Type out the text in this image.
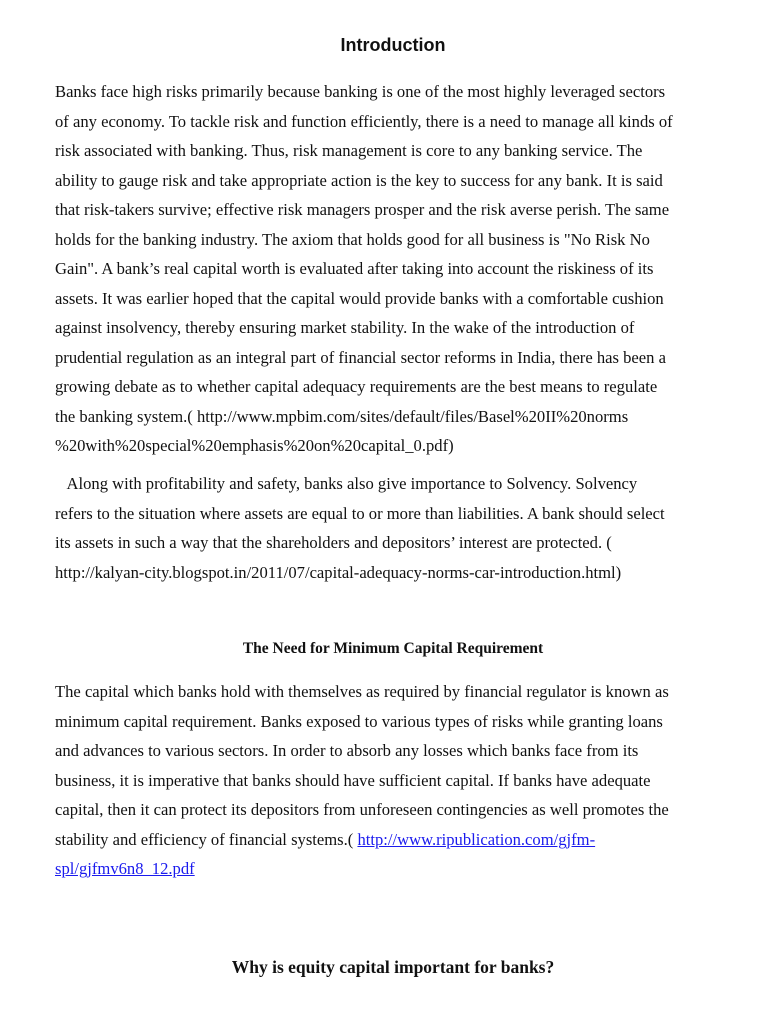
Introduction

Banks face high risks primarily because banking is one of the most highly leveraged sectors
of any economy. To tackle risk and function efficiently, there is a need to manage all kinds of
risk associated with banking. Thus, risk management is core to any banking service. The
ability to gauge risk and take appropriate action is the key to success for any bank. It is said
that risk-takers survive; effective risk managers prosper and the risk averse perish. The same
holds for the banking industry. The axiom that holds good for all business is "No Risk No
Gain". A bank’s real capital worth is evaluated after taking into account the riskiness of its
assets. It was earlier hoped that the capital would provide banks with a comfortable cushion
against insolvency, thereby ensuring market stability. In the wake of the introduction of
prudential regulation as an integral part of financial sector reforms in India, there has been a
growing debate as to whether capital adequacy requirements are the best means to regulate
the banking system.( http://www.mpbim.com/sites/default/files/Basel%20II%20norms
%20with%20special%20emphasis%20on%20capital_0.pdf)

Along with profitability and safety, banks also give importance to Solvency. Solvency
refers to the situation where assets are equal to or more than liabilities. A bank should select
its assets in such a way that the shareholders and depositors’ interest are protected. (
http://kalyan-city.blogspot.in/2011/07/capital-adequacy-norms-car-introduction.html)

The Need for Minimum Capital Requirement

The capital which banks hold with themselves as required by financial regulator is known as
minimum capital requirement. Banks exposed to various types of risks while granting loans
and advances to various sectors. In order to absorb any losses which banks face from its
business, it is imperative that banks should have sufficient capital. If banks have adequate
capital, then it can protect its depositors from unforeseen contingencies as well promotes the
stability and efficiency of financial systems.( http://www.ripublication.com/gjfm-
spl/gjfmv6n8_12.pdf

Why is equity capital important for banks?
